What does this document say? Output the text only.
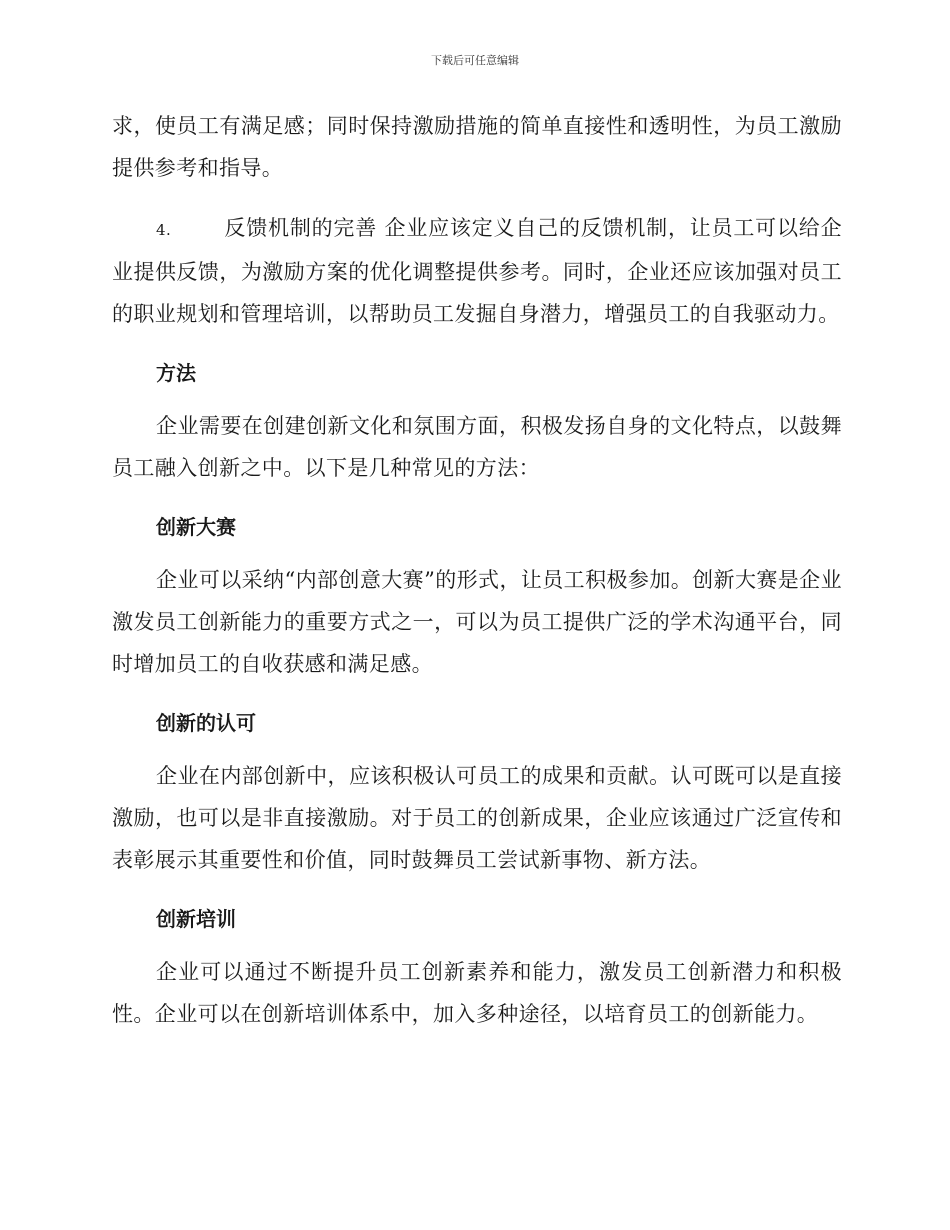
下载后可任意编辑

求，使员工有满足感；同时保持激励措施的简单直接性和透明性，为员工激励提供参考和指导。

4.	反馈机制的完善 企业应该定义自己的反馈机制，让员工可以给企业提供反馈，为激励方案的优化调整提供参考。同时，企业还应该加强对员工的职业规划和管理培训，以帮助员工发掘自身潜力，增强员工的自我驱动力。

方法

企业需要在创建创新文化和氛围方面，积极发扬自身的文化特点，以鼓舞员工融入创新之中。以下是几种常见的方法：

创新大赛

企业可以采纳“内部创意大赛”的形式，让员工积极参加。创新大赛是企业激发员工创新能力的重要方式之一，可以为员工提供广泛的学术沟通平台，同时增加员工的自收获感和满足感。

创新的认可

企业在内部创新中，应该积极认可员工的成果和贡献。认可既可以是直接激励，也可以是非直接激励。对于员工的创新成果，企业应该通过广泛宣传和表彰展示其重要性和价值，同时鼓舞员工尝试新事物、新方法。

创新培训

企业可以通过不断提升员工创新素养和能力，激发员工创新潜力和积极性。企业可以在创新培训体系中，加入多种途径，以培育员工的创新能力。
